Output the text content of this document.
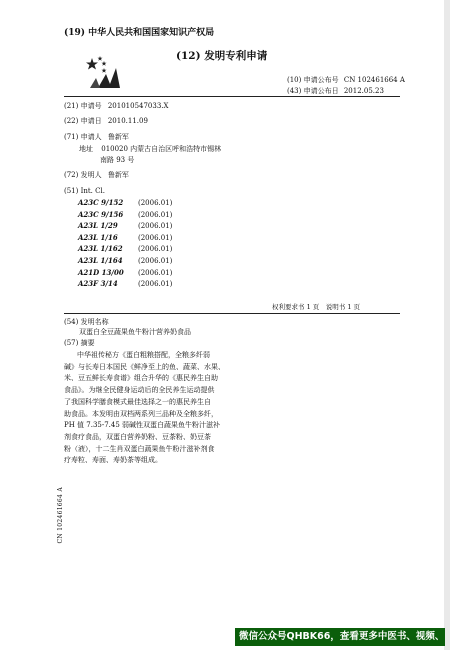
(19) 中华人民共和国国家知识产权局
(12) 发明专利申请
(10) 申请公布号 CN 102461664 A
(43) 申请公布日 2012.05.23
(21) 申请号 201010547033.X
(22) 申请日 2010.11.09
(71) 申请人 鲁新军
地址 010020 内蒙古自治区呼和浩特市锡林
南路 93 号
(72) 发明人 鲁新军
(51) Int. Cl.
A23C 9/152 (2006.01)
A23C 9/156 (2006.01)
A23L 1/29	(2006.01)
A23L 1/16	(2006.01)
A23L 1/162 (2006.01)
A23L 1/164 (2006.01)
A21D 13/00 (2006.01)
A23F 3/14	(2006.01)
权利要求书 1 页　说明书 1 页
(54) 发明名称
双蛋白全豆蔬果鱼牛粉汁营养奶食品
(57) 摘要
中华祖传秘方《蛋白粗粮搭配，全粮多纤弱
碱》与长寿日本国民《鲜净至上的鱼、蔬菜、水果、
米、豆五鲜长寿食谱》组合升华的《惠民养生自助
食品》。为继全民健身运动后的全民养生运动提供
了我国科学膳食模式最佳选择之一的惠民养生自
助食品。本发明由双档两系列三品种及全粮多纤，
PH 值 7.35-7.45 弱碱性双蛋白蔬果鱼牛粉汁滋补
剂食疗食品，双蛋白营养奶粉、豆茶粉、奶豆茶
粉（液），十二生肖双蛋白蔬果鱼牛粉汁滋补剂食
疗寿粒、寿面、寿奶茶等组成。
CN 102461664 A
微信公众号QHBK66，查看更多中医书、视频、音频
